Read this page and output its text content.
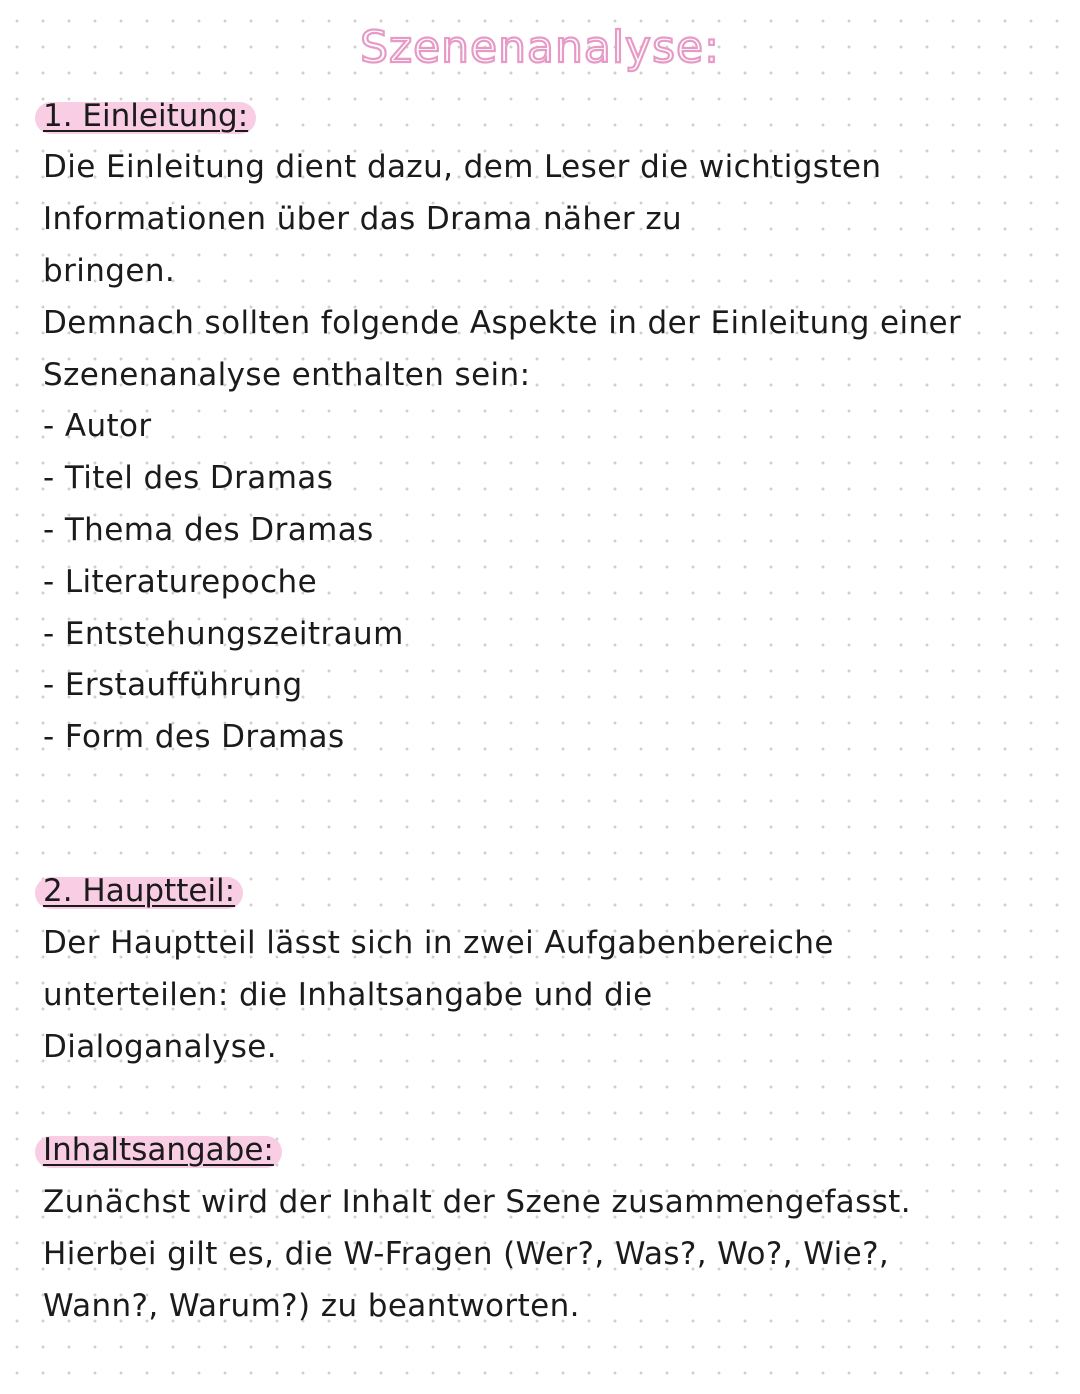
Szenenanalyse:
1. Einleitung:
Die Einleitung dient dazu, dem Leser die wichtigsten
Informationen über das Drama näher zu
bringen.
Demnach sollten folgende Aspekte in der Einleitung einer
Szenenanalyse enthalten sein:
- Autor
- Titel des Dramas
- Thema des Dramas
- Literaturepoche
- Entstehungszeitraum
- Erstaufführung
- Form des Dramas
2. Hauptteil:
Der Hauptteil lässt sich in zwei Aufgabenbereiche
unterteilen: die Inhaltsangabe und die
Dialoganalyse.
Inhaltsangabe:
Zunächst wird der Inhalt der Szene zusammengefasst.
Hierbei gilt es, die W-Fragen (Wer?, Was?, Wo?, Wie?,
Wann?, Warum?) zu beantworten.
